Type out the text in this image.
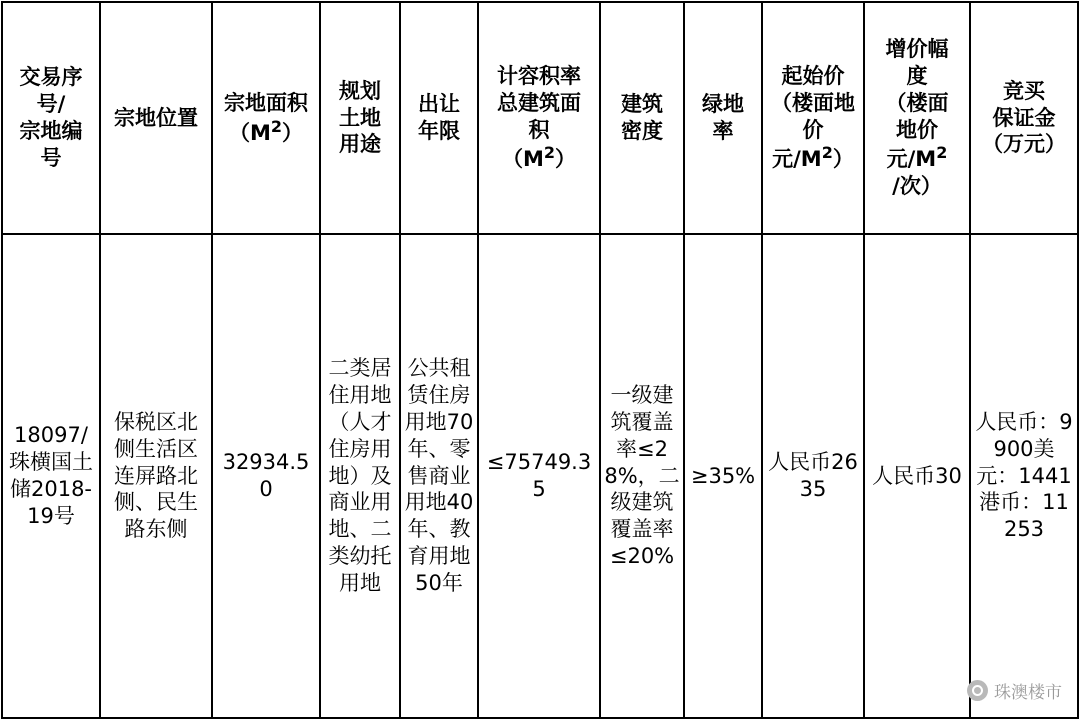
交易序
号/
宗地编
号	宗地位置	宗地面积
$(M^2)$	规划
土地
用途	出让
年限	计容积率
总建筑面
积
$(M^2)$	建筑
密度	绿地
率	起始价
（楼面地
价
元$/M^2$）	增价幅
度
（楼面
地价
元$/M^2$
/次）	竞买
保证金
（万元）
18097/珠横国土储2018-19号	保税区北侧生活区连屏路北侧、民生路东侧	32934.50	二类居住用地（人才住房用地）及商业用地、二类幼托用地	公共租赁住房用地70年、零售商业用地40年、教育用地50年	≤75749.35	一级建筑覆盖率≤28%，二级建筑覆盖率≤20%	≥35%	人民币2635	人民币30	人民币：9900美元：1441港币：11253
珠澳楼市
